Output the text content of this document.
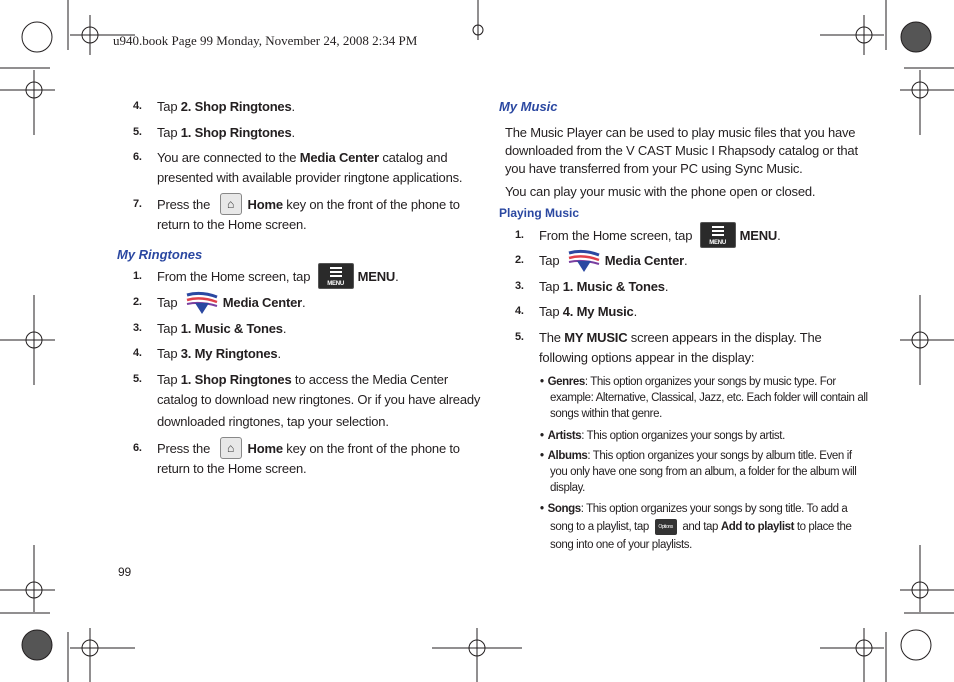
u940.book Page 99 Monday, November 24, 2008 2:34 PM
My Ringtones
My Music
The Music Player can be used to play music files that you have
downloaded from the V CAST Music I Rhapsody catalog or that
you have transferred from your PC using Sync Music.
You can play your music with the phone open or closed.
Playing Music
99
4.	Tap 2. Shop Ringtones .
5.	Tap 1. Shop Ringtones .
6.	You are connected to the Media Center catalog and
presented with available provider ringtone applications.
7.	Press the	⌂	Home key on the front of the phone to
return to the Home screen.
1.	From the Home screen, tap
MENU
MENU .
2.	Tap	Media Center .
3.	Tap 1. Music & Tones .
4.	Tap 3. My Ringtones .
5.	Tap 1. Shop Ringtones to access the Media Center
catalog to download new ringtones. Or if you have already
downloaded ringtones, tap your selection.
6.	Press the	⌂	Home key on the front of the phone to
return to the Home screen.
1.	From the Home screen, tap
MENU
MENU .
2.	Tap	Media Center .
3.	Tap 1. Music & Tones .
4.	Tap 4. My Music .
5.	The MY MUSIC screen appears in the display. The
following options appear in the display:
• Genres: This option organizes your songs by music type. For
example: Alternative, Classical, Jazz, etc. Each folder will contain all
songs within that genre.
• Artists: This option organizes your songs by artist.
• Albums: This option organizes your songs by album title. Even if
you only have one song from an album, a folder for the album will
display.
• Songs: This option organizes your songs by song title. To add a
song to a playlist, tap Options and tap Add to playlist to place the
song into one of your playlists.
